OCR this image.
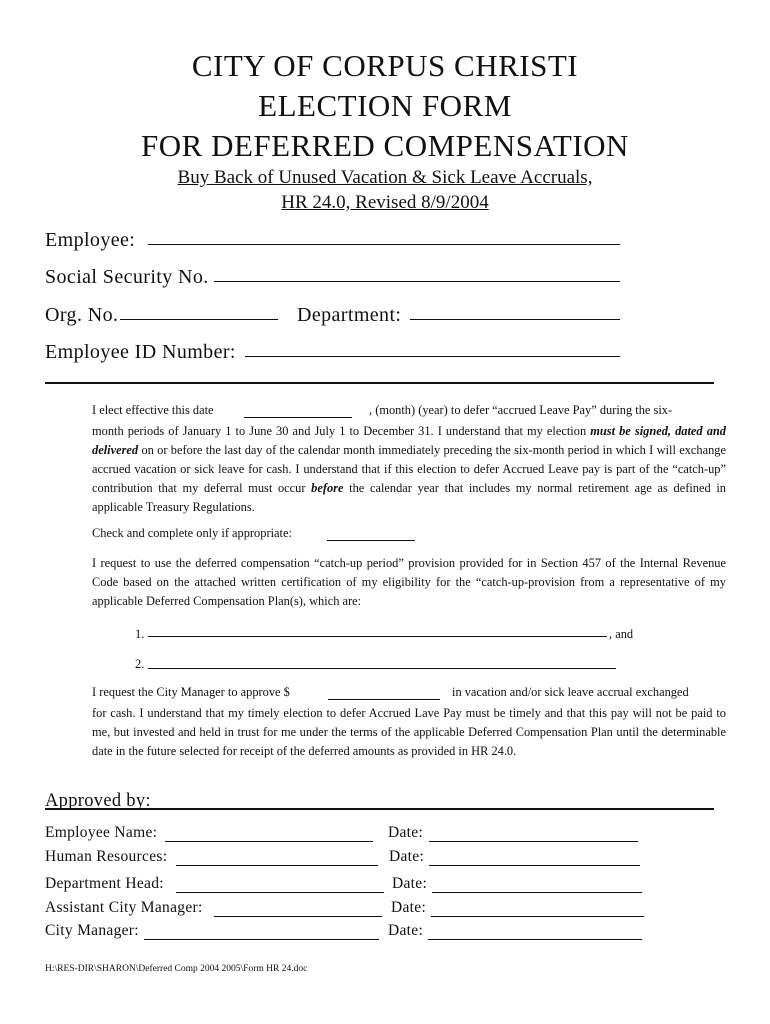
CITY OF CORPUS CHRISTI
ELECTION FORM
FOR DEFERRED COMPENSATION
Buy Back of Unused Vacation & Sick Leave Accruals,
HR 24.0, Revised 8/9/2004
Employee:
Social Security No.
Org. No.	Department:
Employee ID Number:
I elect effective this date	, (month) (year) to defer “accrued Leave Pay” during the six-
month periods of January 1 to June 30 and July 1 to December 31. I understand that my election must be signed, dated and delivered on or before the last day of the calendar month immediately preceding the six-month period in which I will exchange accrued vacation or sick leave for cash. I understand that if this election to defer Accrued Leave pay is part of the “catch-up” contribution that my deferral must occur before the calendar year that includes my normal retirement age as defined in applicable Treasury Regulations.
Check and complete only if appropriate:
I request to use the deferred compensation “catch-up period” provision provided for in Section 457 of the Internal Revenue Code based on the attached written certification of my eligibility for the “catch-up-provision from a representative of my applicable Deferred Compensation Plan(s), which are:
1.	, and
2.
I request the City Manager to approve $	in vacation and/or sick leave accrual exchanged
for cash. I understand that my timely election to defer Accrued Lave Pay must be timely and that this pay will not be paid to me, but invested and held in trust for me under the terms of the applicable Deferred Compensation Plan until the determinable date in the future selected for receipt of the deferred amounts as provided in HR 24.0.
Approved by:
Employee Name:	Date:
Human Resources:	Date:
Department Head:	Date:
Assistant City Manager:	Date:
City Manager:	Date:
H:\RES-DIR\SHARON\Deferred Comp 2004 2005\Form HR 24.doc
